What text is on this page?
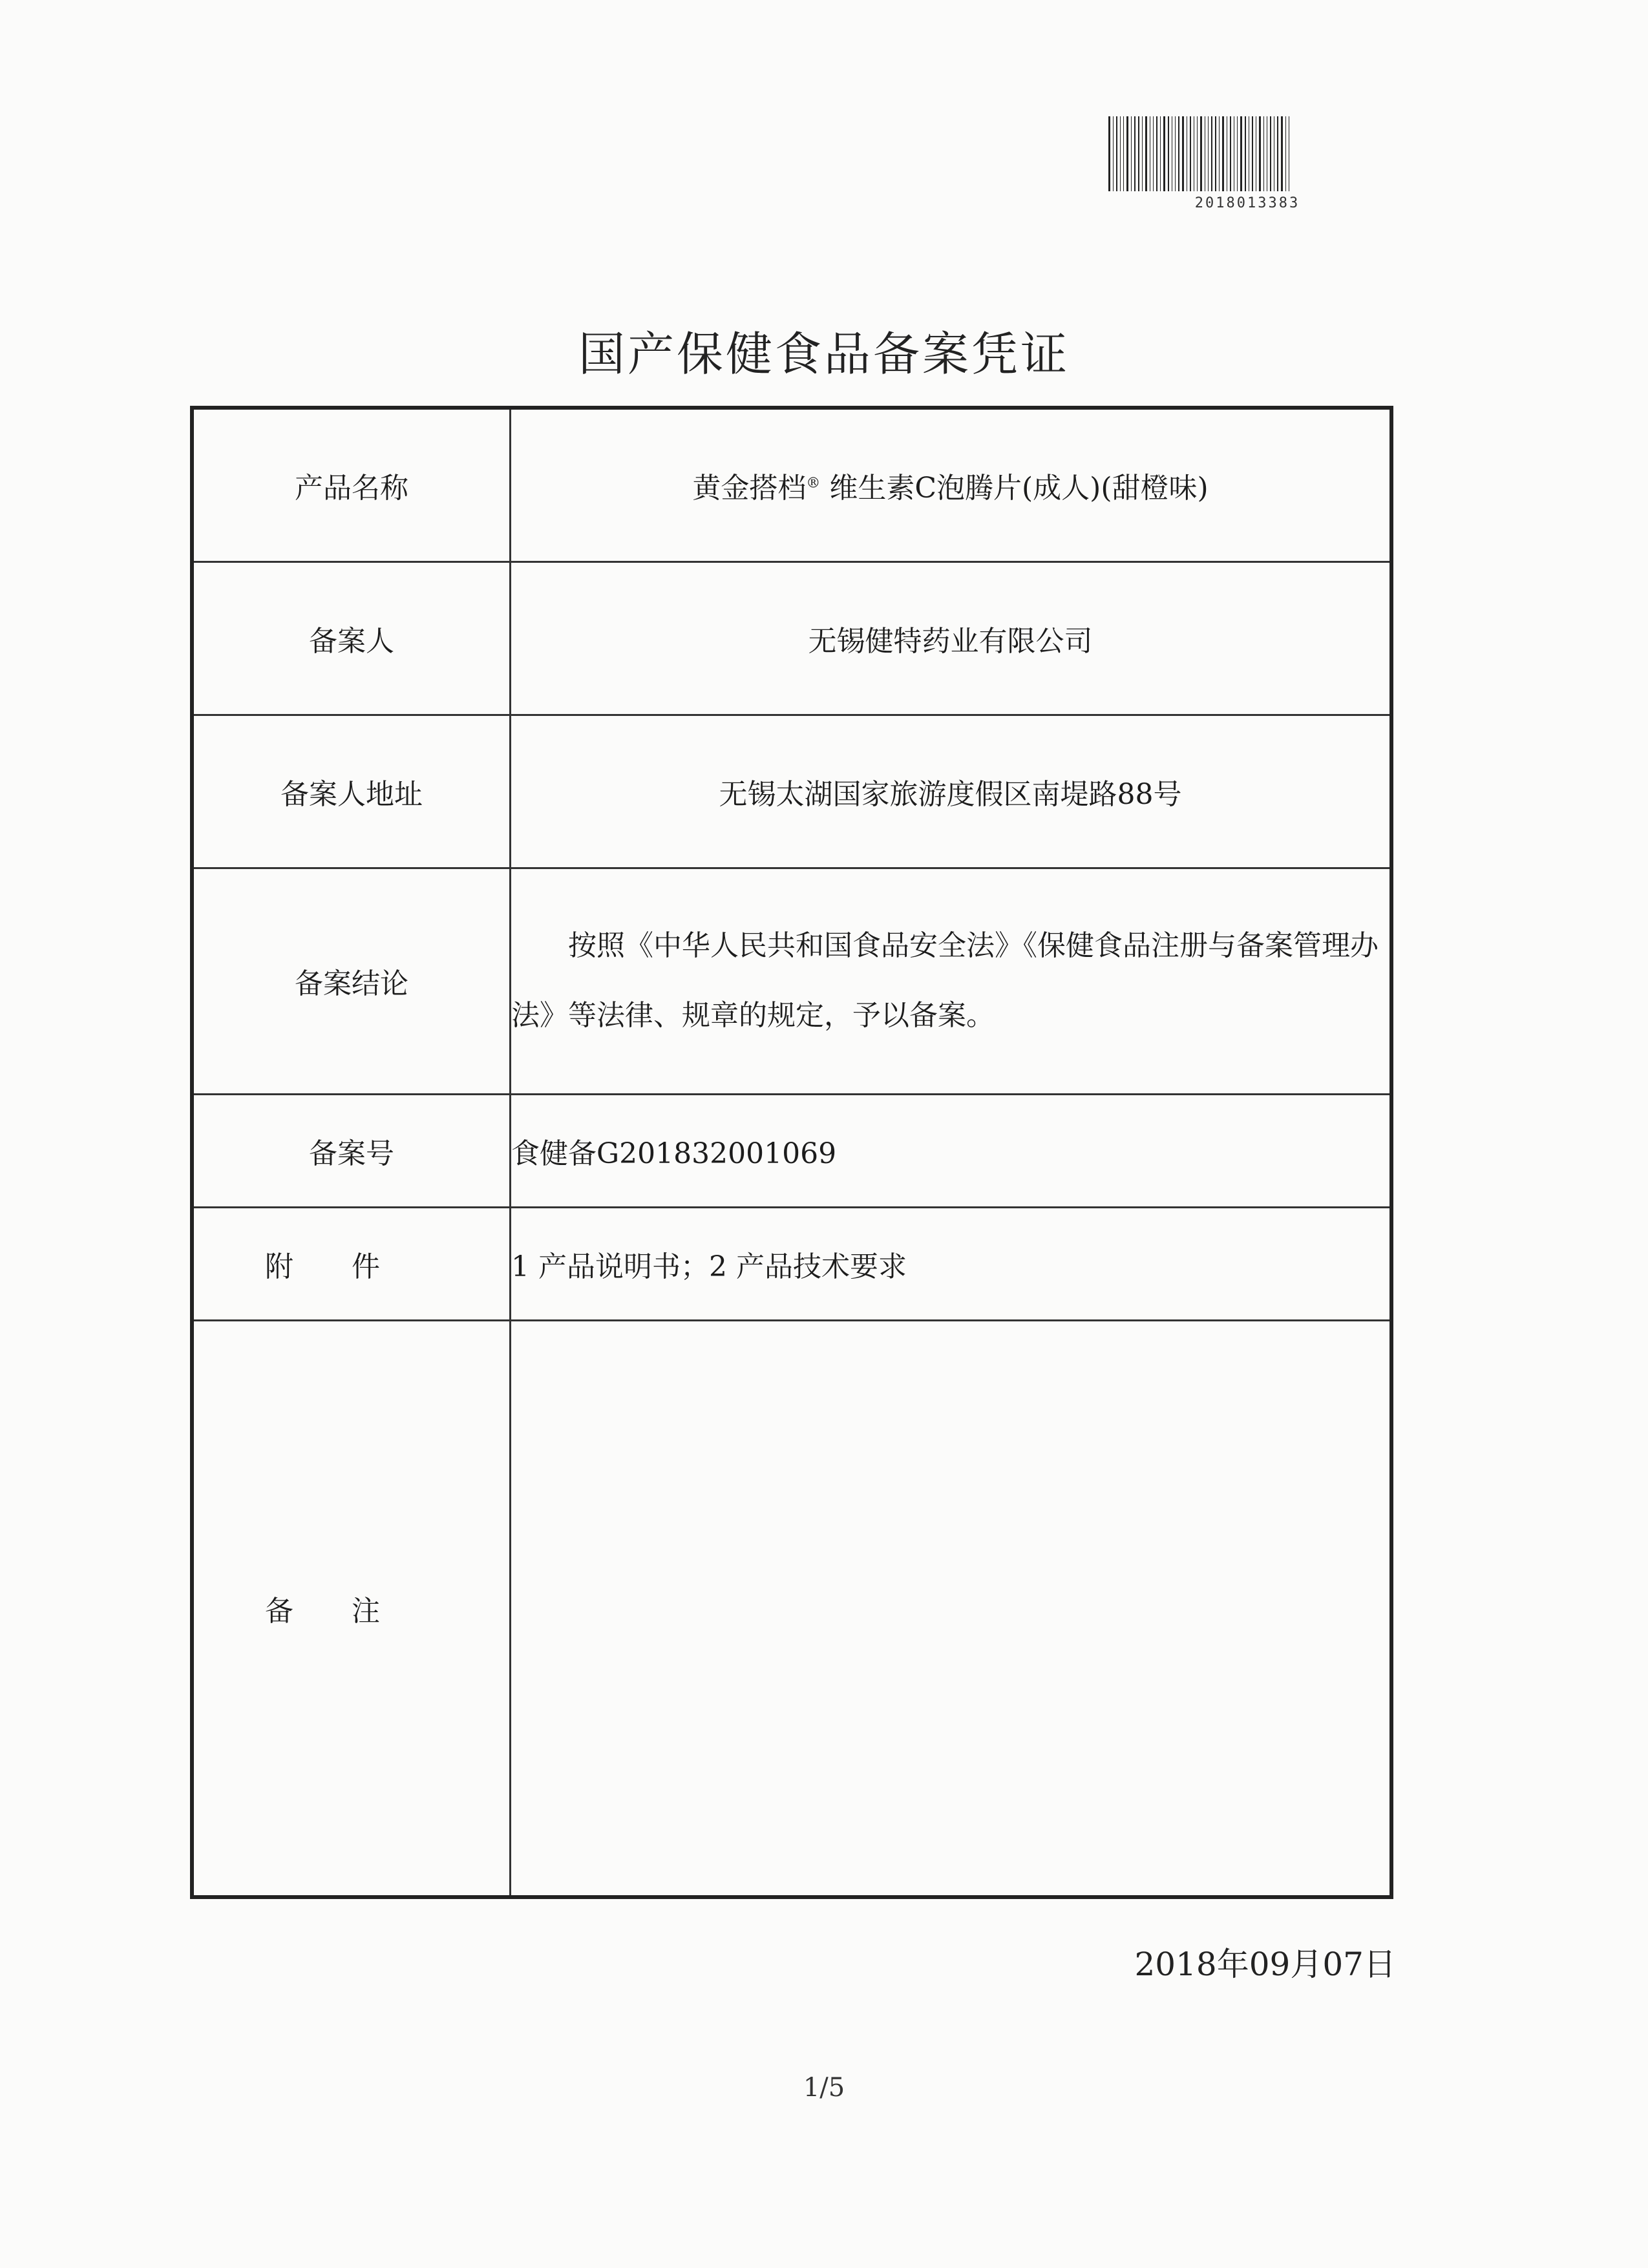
2018013383
国产保健食品备案凭证
产品名称	黄金搭档® 维生素C泡腾片(成人)(甜橙味)
备案人	无锡健特药业有限公司
备案人地址	无锡太湖国家旅游度假区南堤路88号
备案结论	按照《中华人民共和国食品安全法》《保健食品注册与备案管理办法》等法律、规章的规定，予以备案。
备案号	食健备G201832001069
附件	1 产品说明书；2 产品技术要求
备注	
2018年09月07日
1/5
